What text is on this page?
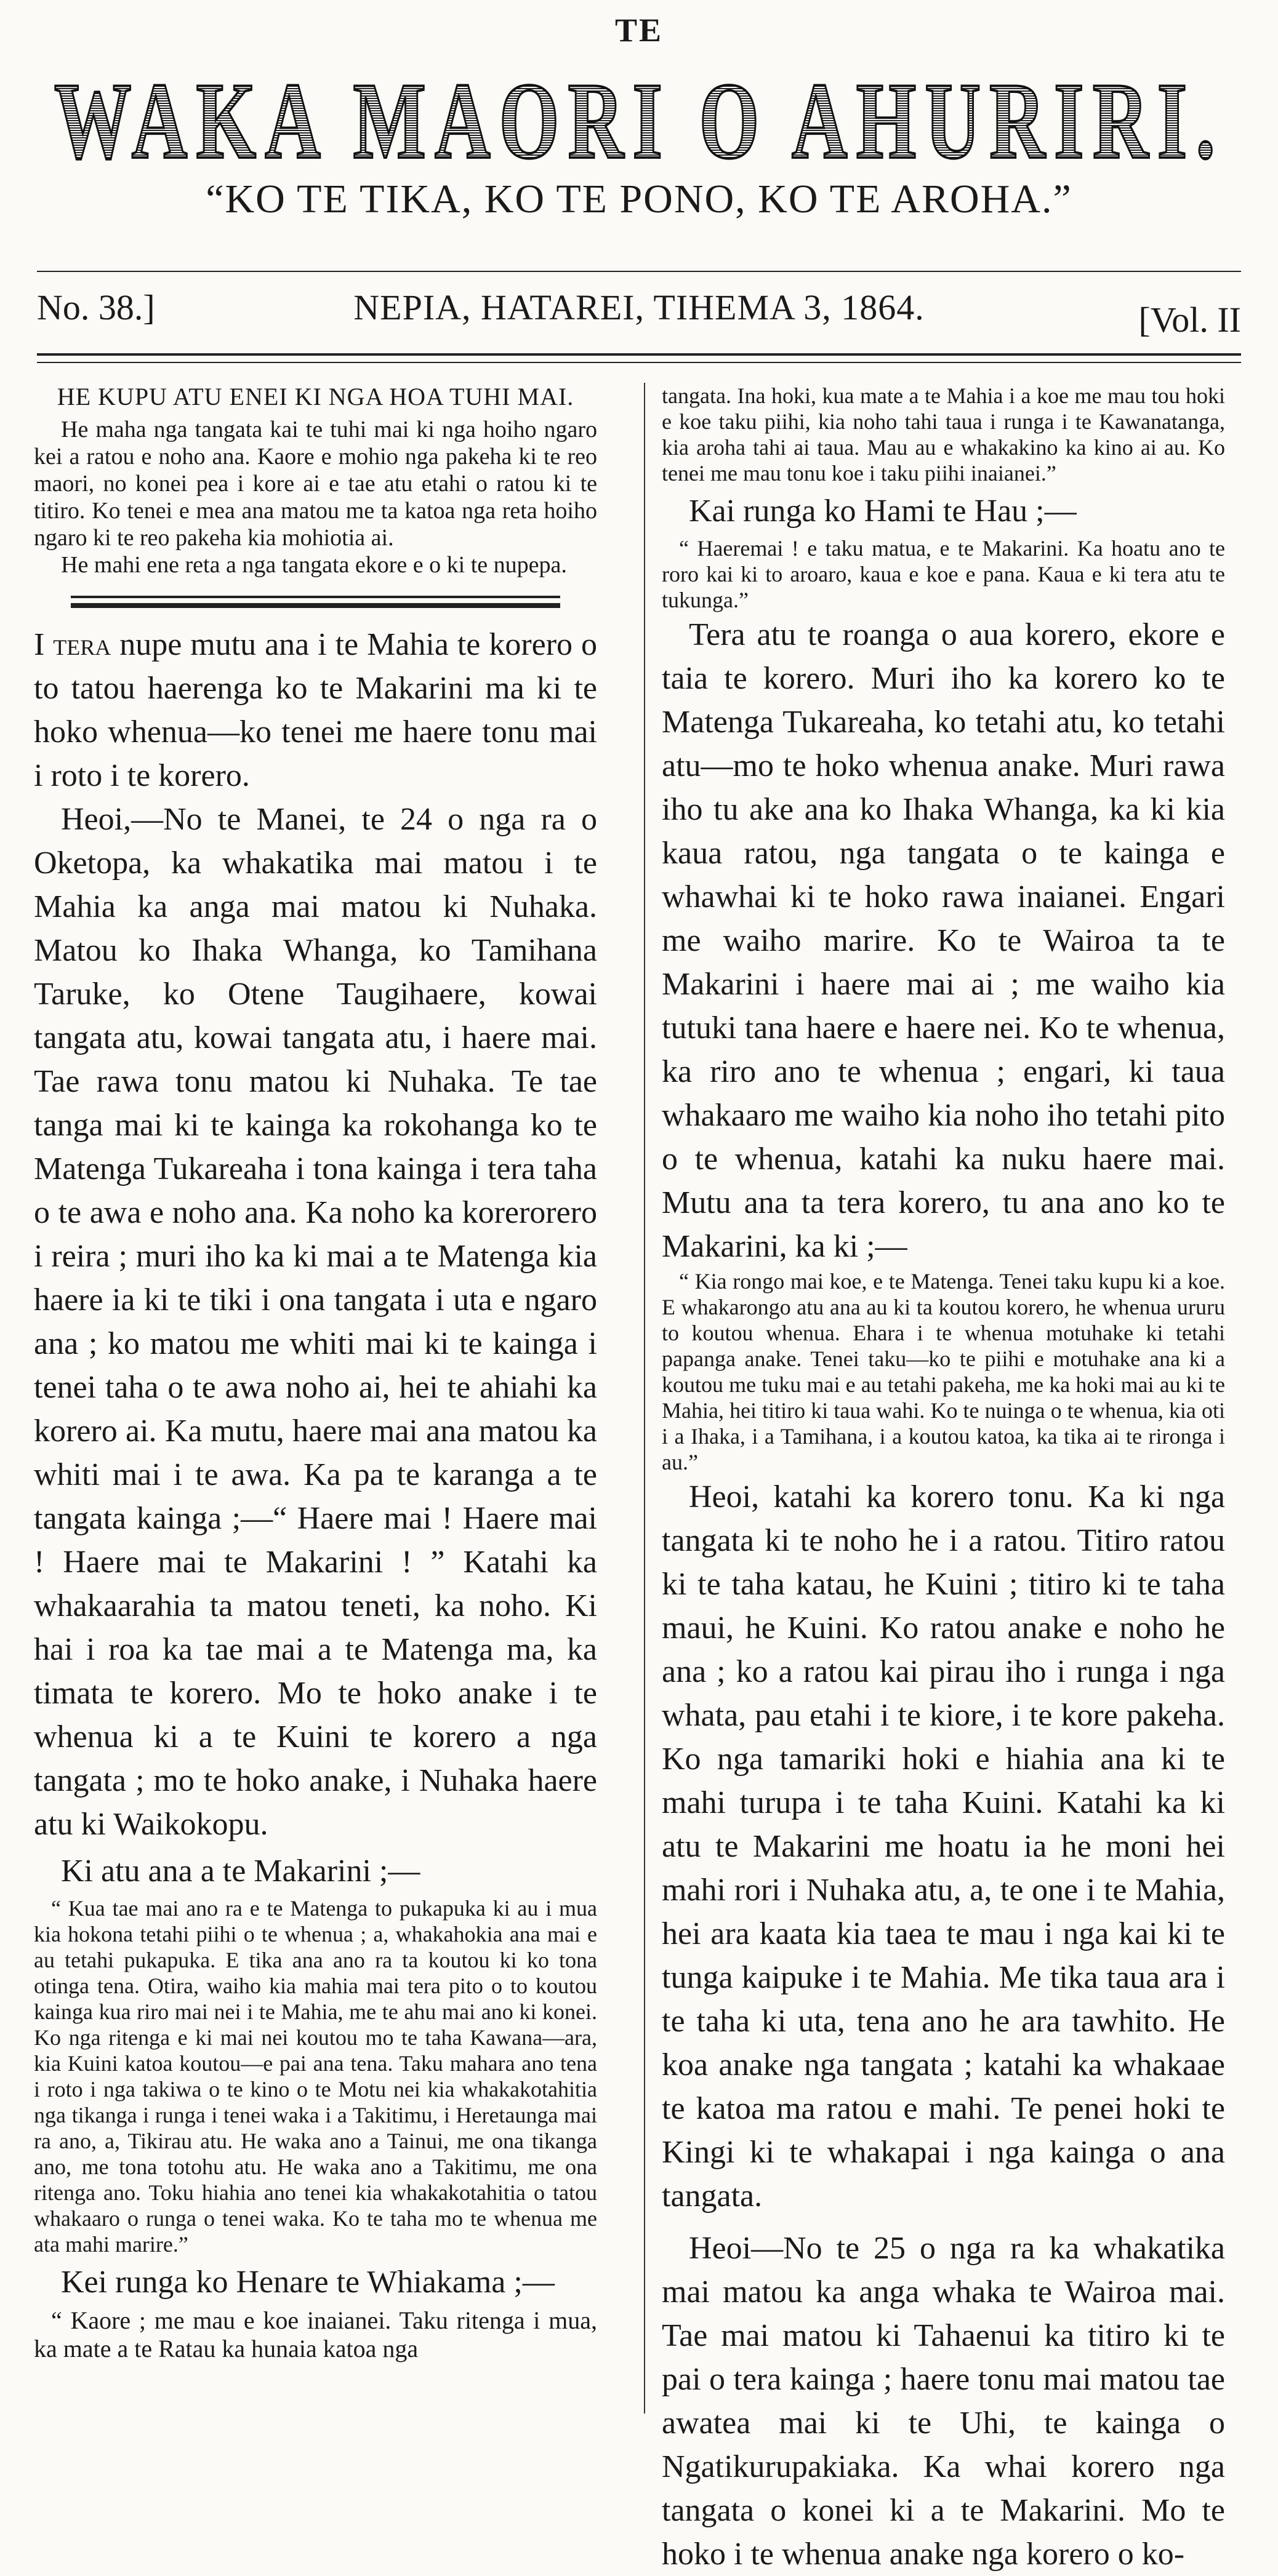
TE
WAKA MAORI O AHURIRI.
“KO TE TIKA, KO TE PONO, KO TE AROHA.”
No. 38.]	NEPIA, HATAREI, TIHEMA 3, 1864.	[Vol. II
HE KUPU ATU ENEI KI NGA HOA TUHI MAI.

He maha nga tangata kai te tuhi mai ki nga hoiho ngaro kei a ratou e noho ana. Kaore e mohio nga pakeha ki te reo maori, no konei pea i kore ai e tae atu etahi o ratou ki te titiro. Ko tenei e mea ana matou me ta katoa nga reta hoiho ngaro ki te reo pakeha kia mohiotia ai.

He mahi ene reta a nga tangata ekore e o ki te nupepa.

I tera nupe mutu ana i te Mahia te korero o to tatou haerenga ko te Makarini ma ki te hoko whenua—ko tenei me haere tonu mai i roto i te korero.

Heoi,—No te Manei, te 24 o nga ra o Oketopa, ka whakatika mai matou i te Mahia ka anga mai matou ki Nuhaka. Matou ko Ihaka Whanga, ko Tamihana Taruke, ko Otene Taugihaere, kowai tangata atu, kowai tangata atu, i haere mai. Tae rawa tonu matou ki Nuhaka. Te tae tanga mai ki te kainga ka rokohanga ko te Matenga Tukareaha i tona kainga i tera taha o te awa e noho ana. Ka noho ka korerorero i reira ; muri iho ka ki mai a te Matenga kia haere ia ki te tiki i ona tangata i uta e ngaro ana ; ko matou me whiti mai ki te kainga i tenei taha o te awa noho ai, hei te ahiahi ka korero ai. Ka mutu, haere mai ana matou ka whiti mai i te awa. Ka pa te karanga a te tangata kainga ;—“ Haere mai ! Haere mai ! Haere mai te Makarini ! ” Katahi ka whakaarahia ta matou teneti, ka noho. Ki hai i roa ka tae mai a te Matenga ma, ka timata te korero. Mo te hoko anake i te whenua ki a te Kuini te korero a nga tangata ; mo te hoko anake, i Nuhaka haere atu ki Waikokopu.

Ki atu ana a te Makarini ;—

“ Kua tae mai ano ra e te Matenga to pukapuka ki au i mua kia hokona tetahi piihi o te whenua ; a, whakahokia ana mai e au tetahi pukapuka. E tika ana ano ra ta koutou ki ko tona otinga tena. Otira, waiho kia mahia mai tera pito o to koutou kainga kua riro mai nei i te Mahia, me te ahu mai ano ki konei. Ko nga ritenga e ki mai nei koutou mo te taha Kawana—ara, kia Kuini katoa koutou—e pai ana tena. Taku mahara ano tena i roto i nga takiwa o te kino o te Motu nei kia whakakotahitia nga tikanga i runga i tenei waka i a Takitimu, i Heretaunga mai ra ano, a, Tikirau atu. He waka ano a Tainui, me ona tikanga ano, me tona totohu atu. He waka ano a Takitimu, me ona ritenga ano. Toku hiahia ano tenei kia whakakotahitia o tatou whakaaro o runga o tenei waka. Ko te taha mo te whenua me ata mahi marire.”

Kei runga ko Henare te Whiakama ;—

“ Kaore ; me mau e koe inaianei. Taku ritenga i mua, ka mate a te Ratau ka hunaia katoa nga

tangata. Ina hoki, kua mate a te Mahia i a koe me mau tou hoki e koe taku piihi, kia noho tahi taua i runga i te Kawanatanga, kia aroha tahi ai taua. Mau au e whakakino ka kino ai au. Ko tenei me mau tonu koe i taku piihi inaianei.”

Kai runga ko Hami te Hau ;—

“ Haeremai ! e taku matua, e te Makarini. Ka hoatu ano te roro kai ki to aroaro, kaua e koe e pana. Kaua e ki tera atu te tukunga.”

Tera atu te roanga o aua korero, ekore e taia te korero. Muri iho ka korero ko te Matenga Tukareaha, ko tetahi atu, ko tetahi atu—mo te hoko whenua anake. Muri rawa iho tu ake ana ko Ihaka Whanga, ka ki kia kaua ratou, nga tangata o te kainga e whawhai ki te hoko rawa inaianei. Engari me waiho marire. Ko te Wairoa ta te Makarini i haere mai ai ; me waiho kia tutuki tana haere e haere nei. Ko te whenua, ka riro ano te whenua ; engari, ki taua whakaaro me waiho kia noho iho tetahi pito o te whenua, katahi ka nuku haere mai. Mutu ana ta tera korero, tu ana ano ko te Makarini, ka ki ;—

“ Kia rongo mai koe, e te Matenga. Tenei taku kupu ki a koe. E whakarongo atu ana au ki ta koutou korero, he whenua ururu to koutou whenua. Ehara i te whenua motuhake ki tetahi papanga anake. Tenei taku—ko te piihi e motuhake ana ki a koutou me tuku mai e au tetahi pakeha, me ka hoki mai au ki te Mahia, hei titiro ki taua wahi. Ko te nuinga o te whenua, kia oti i a Ihaka, i a Tamihana, i a koutou katoa, ka tika ai te rironga i au.”

Heoi, katahi ka korero tonu. Ka ki nga tangata ki te noho he i a ratou. Titiro ratou ki te taha katau, he Kuini ; titiro ki te taha maui, he Kuini. Ko ratou anake e noho he ana ; ko a ratou kai pirau iho i runga i nga whata, pau etahi i te kiore, i te kore pakeha. Ko nga tamariki hoki e hiahia ana ki te mahi turupa i te taha Kuini. Katahi ka ki atu te Makarini me hoatu ia he moni hei mahi rori i Nuhaka atu, a, te one i te Mahia, hei ara kaata kia taea te mau i nga kai ki te tunga kaipuke i te Mahia. Me tika taua ara i te taha ki uta, tena ano he ara tawhito. He koa anake nga tangata ; katahi ka whakaae te katoa ma ratou e mahi. Te penei hoki te Kingi ki te whakapai i nga kainga o ana tangata.

Heoi—No te 25 o nga ra ka whakatika mai matou ka anga whaka te Wairoa mai. Tae mai matou ki Tahaenui ka titiro ki te pai o tera kainga ; haere tonu mai matou tae awatea mai ki te Uhi, te kainga o Ngatikurupakiaka. Ka whai korero nga tangata o konei ki a te Makarini. Mo te hoko i te whenua anake nga korero o ko-
